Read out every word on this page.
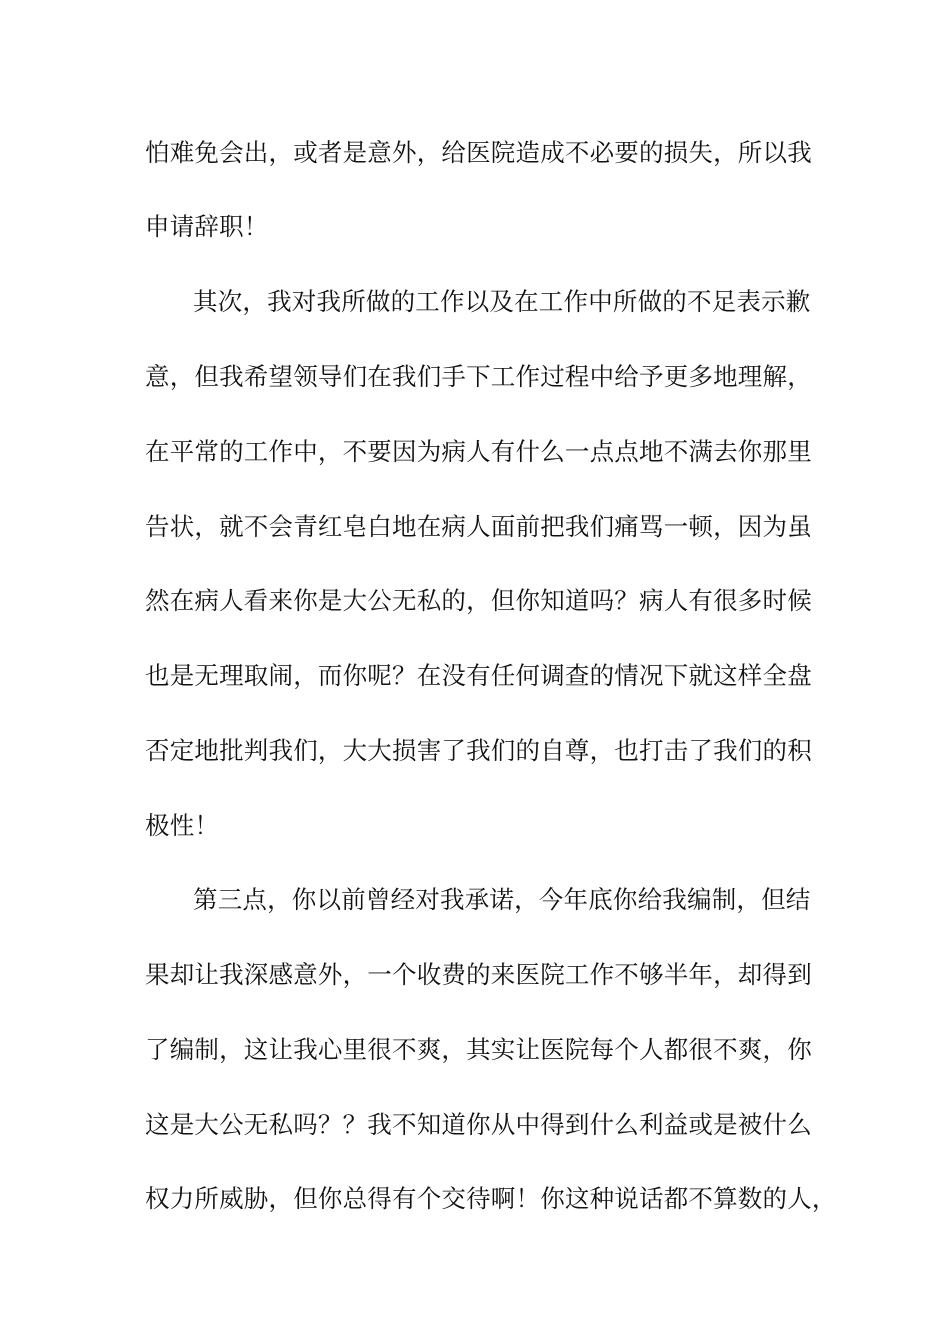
怕难免会出，或者是意外，给医院造成不必要的损失，所以我
申请辞职！
其次，我对我所做的工作以及在工作中所做的不足表示歉
意，但我希望领导们在我们手下工作过程中给予更多地理解，
在平常的工作中，不要因为病人有什么一点点地不满去你那里
告状，就不会青红皂白地在病人面前把我们痛骂一顿，因为虽
然在病人看来你是大公无私的，但你知道吗？病人有很多时候
也是无理取闹，而你呢？在没有任何调查的情况下就这样全盘
否定地批判我们，大大损害了我们的自尊，也打击了我们的积
极性！
第三点，你以前曾经对我承诺，今年底你给我编制，但结
果却让我深感意外，一个收费的来医院工作不够半年，却得到
了编制，这让我心里很不爽，其实让医院每个人都很不爽，你
这是大公无私吗？？我不知道你从中得到什么利益或是被什么
权力所威胁，但你总得有个交待啊！你这种说话都不算数的人，
